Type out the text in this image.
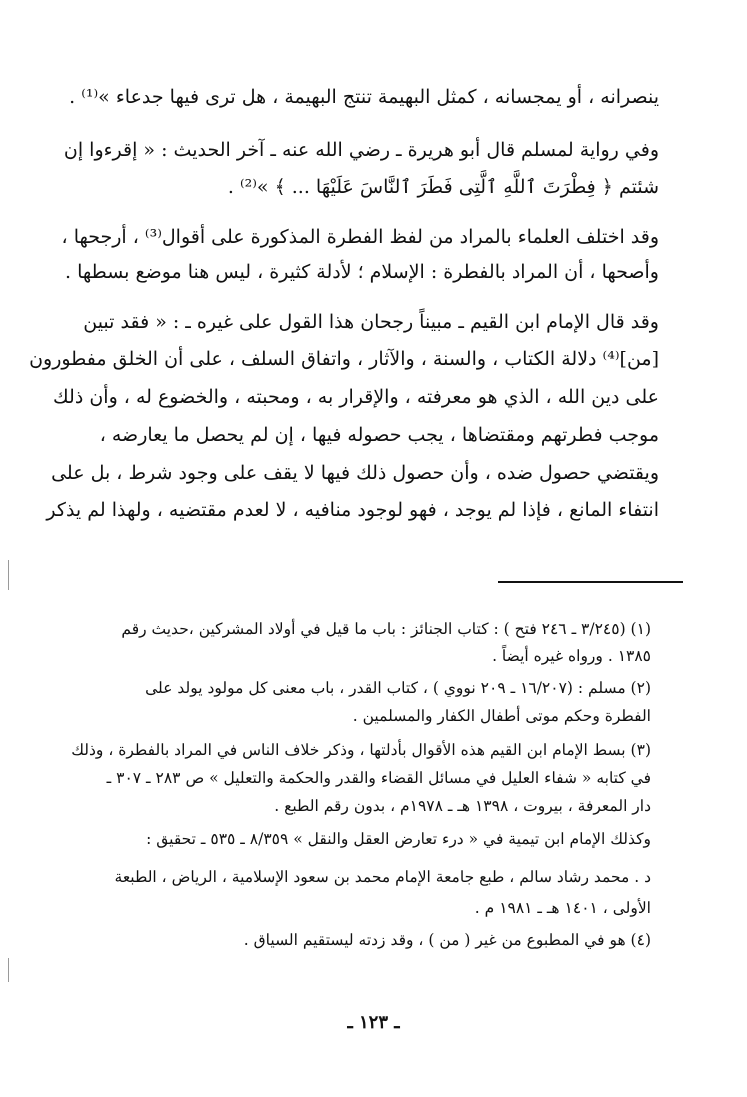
ينصرانه ، أو يمجسانه ، كمثل البهيمة تنتج البهيمة ، هل ترى فيها جدعاء »⁽¹⁾ .
وفي رواية لمسلم قال أبو هريرة ـ رضي الله عنه ـ آخر الحديث : « إقرءوا إن
شئتم ﴿ فِطْرَتَ ٱللَّهِ ٱلَّتِى فَطَرَ ٱلنَّاسَ عَلَيْهَا ... ﴾ »⁽²⁾ .
وقد اختلف العلماء بالمراد من لفظ الفطرة المذكورة على أقوال⁽³⁾ ، أرجحها ،
وأصحها ، أن المراد بالفطرة : الإسلام ؛ لأدلة كثيرة ، ليس هنا موضع بسطها .
وقد قال الإمام ابن القيم ـ مبيناً رجحان هذا القول على غيره ـ : « فقد تبين
[من]⁽⁴⁾ دلالة الكتاب ، والسنة ، والآثار ، واتفاق السلف ، على أن الخلق مفطورون
على دين الله ، الذي هو معرفته ، والإقرار به ، ومحبته ، والخضوع له ، وأن ذلك
موجب فطرتهم ومقتضاها ، يجب حصوله فيها ، إن لم يحصل ما يعارضه ،
ويقتضي حصول ضده ، وأن حصول ذلك فيها لا يقف على وجود شرط ، بل على
انتفاء المانع ، فإذا لم يوجد ، فهو لوجود منافيه ، لا لعدم مقتضيه ، ولهذا لم يذكر
(١) (٣/٢٤٥ ـ ٢٤٦ فتح ) : كتاب الجنائز : باب ما قيل في أولاد المشركين ،حديث رقم
١٣٨٥ . ورواه غيره أيضاً .
(٢) مسلم : (١٦/٢٠٧ ـ ٢٠٩ نووي ) ، كتاب القدر ، باب معنى كل مولود يولد على
الفطرة وحكم موتى أطفال الكفار والمسلمين .
(٣) بسط الإمام ابن القيم هذه الأقوال بأدلتها ، وذكر خلاف الناس في المراد بالفطرة ، وذلك
في كتابه « شفاء العليل في مسائل القضاء والقدر والحكمة والتعليل » ص ٢٨٣ ـ ٣٠٧ ـ
دار المعرفة ، بيروت ، ١٣٩٨ هـ ـ ١٩٧٨م ، بدون رقم الطبع .
وكذلك الإمام ابن تيمية في « درء تعارض العقل والنقل » ٨/٣٥٩ ـ ٥٣٥ ـ تحقيق :
د . محمد رشاد سالم ، طبع جامعة الإمام محمد بن سعود الإسلامية ، الرياض ، الطبعة
الأولى ، ١٤٠١ هـ ـ ١٩٨١ م .
(٤) هو في المطبوع من غير ( من ) ، وقد زدته ليستقيم السياق .
ـ ١٢٣ ـ
